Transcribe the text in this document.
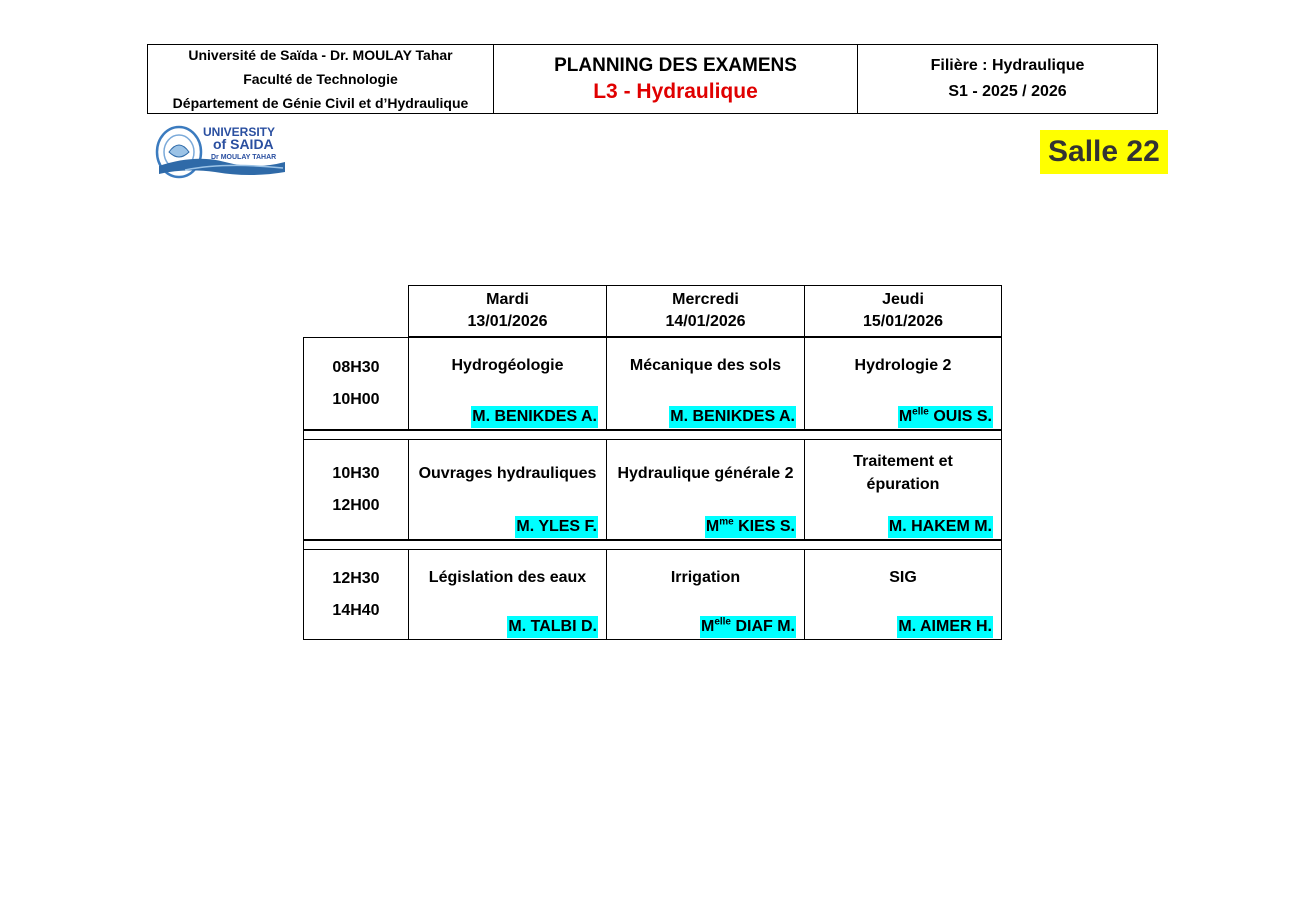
Université de Saïda - Dr. MOULAY Tahar
Faculté de Technologie
Département de Génie Civil et d’Hydraulique
PLANNING DES EXAMENS
L3 - Hydraulique
Filière : Hydraulique
S1 - 2025 / 2026
UNIVERSITY
of SAIDA
Dr MOULAY TAHAR	Salle 22
Mardi
13/01/2026
Mercredi
14/01/2026
Jeudi
15/01/2026
08H30
10H00
Hydrogéologie
M. BENIKDES A.
Mécanique des sols
M. BENIKDES A.
Hydrologie 2
$M^{elle}$ OUIS S.
10H30
12H00
Ouvrages hydrauliques
M. YLES F.
Hydraulique générale 2
$M^{me}$ KIES S.
Traitement et épuration
M. HAKEM M.
12H30
14H40
Législation des eaux
M. TALBI D.
Irrigation
$M^{elle}$ DIAF M.
SIG
M. AIMER H.
